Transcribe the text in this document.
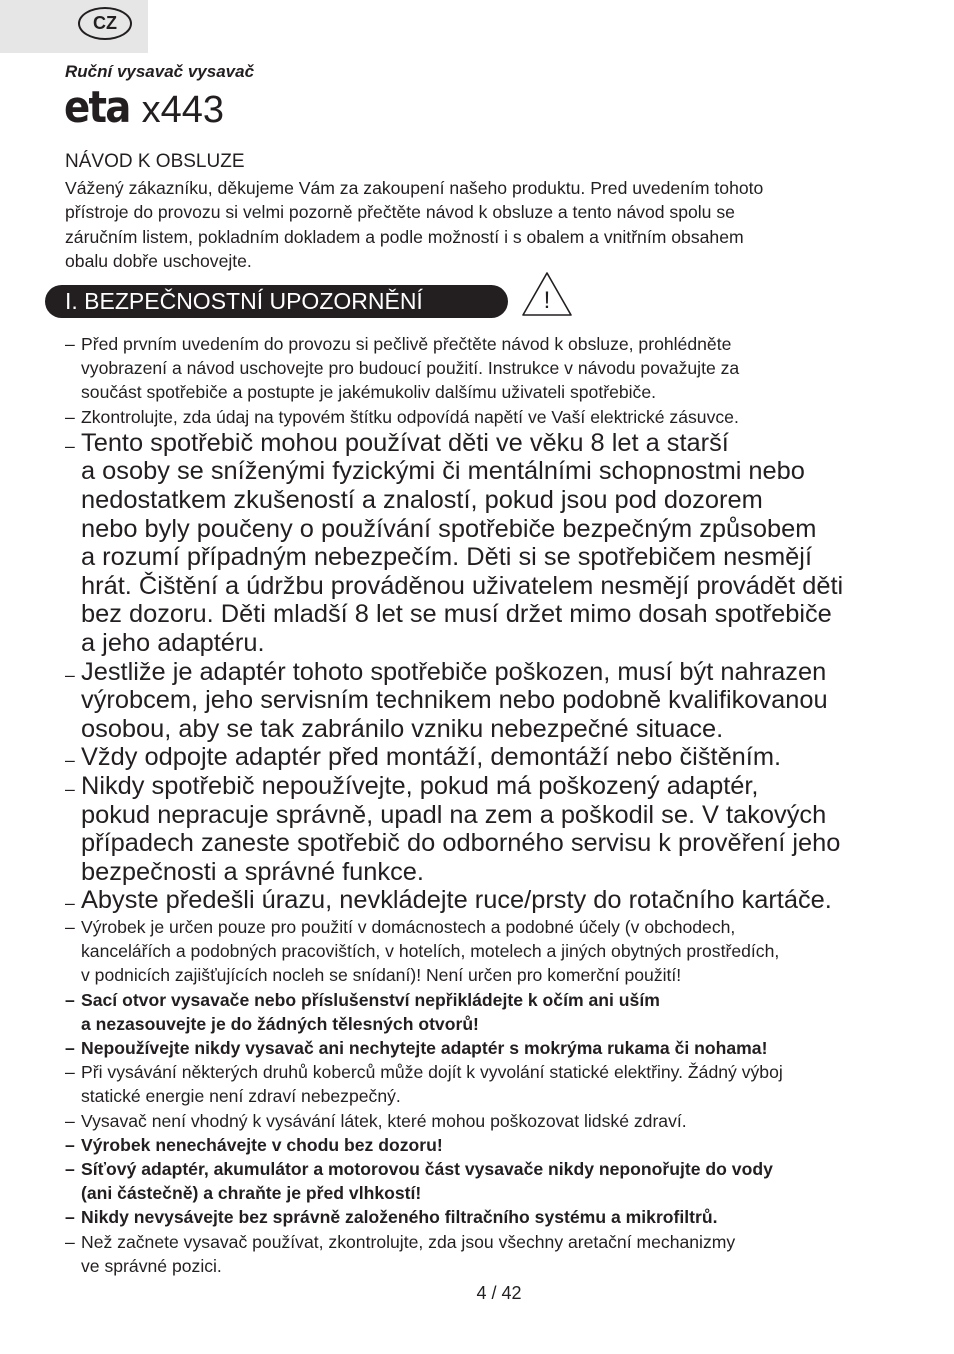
CZ
Ruční vysavač vysavač
eta x443
NÁVOD K OBSLUZE
Vážený zákazníku, děkujeme Vám za zakoupení našeho produktu. Pred uvedením tohoto
přístroje do provozu si velmi pozorně přečtěte návod k obsluze a tento návod spolu se
záručním listem, pokladním dokladem a podle možností i s obalem a vnitřním obsahem
obalu dobře uschovejte.
I. BEZPEČNOSTNÍ UPOZORNĚNÍ	!
– Před prvním uvedením do provozu si pečlivě přečtěte návod k obsluze, prohlédněte
vyobrazení a návod uschovejte pro budoucí použití. Instrukce v návodu považujte za
součást spotřebiče a postupte je jakémukoliv dalšímu uživateli spotřebiče.
– Zkontrolujte, zda údaj na typovém štítku odpovídá napětí ve Vaší elektrické zásuvce.
– Tento spotřebič mohou používat děti ve věku 8 let a starší
a osoby se sníženými fyzickými či mentálními schopnostmi nebo
nedostatkem zkušeností a znalostí, pokud jsou pod dozorem
nebo byly poučeny o používání spotřebiče bezpečným způsobem
a rozumí případným nebezpečím. Děti si se spotřebičem nesmějí
hrát. Čištění a údržbu prováděnou uživatelem nesmějí provádět děti
bez dozoru. Děti mladší 8 let se musí držet mimo dosah spotřebiče
a jeho adaptéru.
– Jestliže je adaptér tohoto spotřebiče poškozen, musí být nahrazen
výrobcem, jeho servisním technikem nebo podobně kvalifikovanou
osobou, aby se tak zabránilo vzniku nebezpečné situace.
– Vždy odpojte adaptér před montáží, demontáží nebo čištěním.
– Nikdy spotřebič nepoužívejte, pokud má poškozený adaptér,
pokud nepracuje správně, upadl na zem a poškodil se. V takových
případech zaneste spotřebič do odborného servisu k prověření jeho
bezpečnosti a správné funkce.
– Abyste předešli úrazu, nevkládejte ruce/prsty do rotačního kartáče.
– Výrobek je určen pouze pro použití v domácnostech a podobné účely (v obchodech,
kancelářích a podobných pracovištích, v hotelích, motelech a jiných obytných prostředích,
v podnicích zajišťujících nocleh se snídaní)! Není určen pro komerční použití!
– Sací otvor vysavače nebo příslušenství nepřikládejte k očím ani uším
a nezasouvejte je do žádných tělesných otvorů!
– Nepoužívejte nikdy vysavač ani nechytejte adaptér s mokrýma rukama či nohama!
– Při vysávání některých druhů koberců může dojít k vyvolání statické elektřiny. Žádný výboj
statické energie není zdraví nebezpečný.
– Vysavač není vhodný k vysávání látek, které mohou poškozovat lidské zdraví.
– Výrobek nenechávejte v chodu bez dozoru!
– Síťový adaptér, akumulátor a motorovou část vysavače nikdy neponořujte do vody
(ani částečně) a chraňte je před vlhkostí!
– Nikdy nevysávejte bez správně založeného filtračního systému a mikrofiltrů.
– Než začnete vysavač používat, zkontrolujte, zda jsou všechny aretační mechanizmy
ve správné pozici.
4 / 42
